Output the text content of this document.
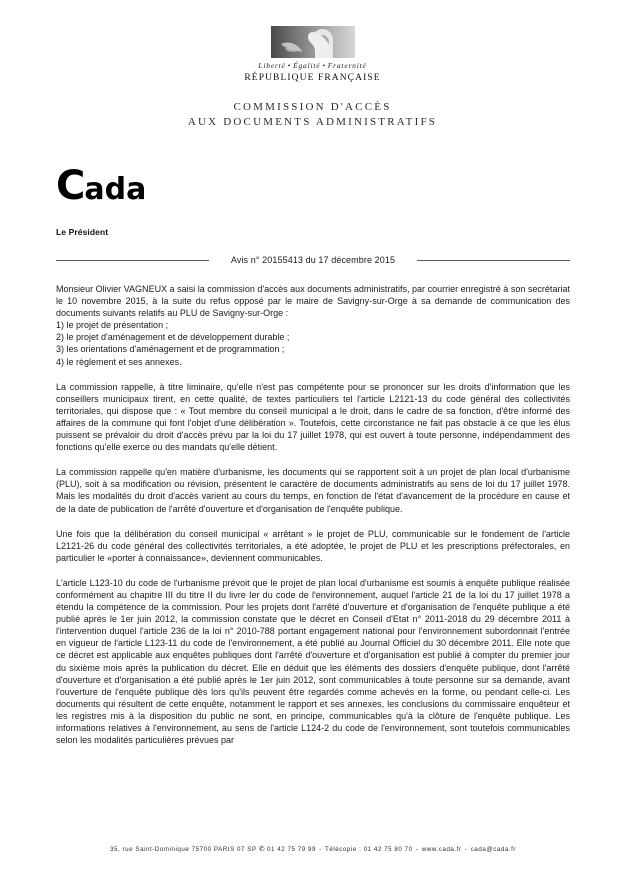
Liberté • Égalité • Fraternité
RÉPUBLIQUE FRANÇAISE
COMMISSION D'ACCÈS
AUX DOCUMENTS ADMINISTRATIFS
Cada
Le Président
Avis n° 20155413 du 17 décembre 2015

Monsieur Olivier VAGNEUX a saisi la commission d'accès aux documents administratifs, par courrier enregistré à son secrétariat le 10 novembre 2015, à la suite du refus opposé par le maire de Savigny-sur-Orge à sa demande de communication des documents suivants relatifs au PLU de Savigny-sur-Orge :

1) le projet de présentation ;
2) le projet d'aménagement et de développement durable ;
3) les orientations d'aménagement et de programmation ;
4) le règlement et ses annexes.

La commission rappelle, à titre liminaire, qu'elle n'est pas compétente pour se prononcer sur les droits d'information que les conseillers municipaux tirent, en cette qualité, de textes particuliers tel l'article L2121-13 du code général des collectivités territoriales, qui dispose que : « Tout membre du conseil municipal a le droit, dans le cadre de sa fonction, d'être informé des affaires de la commune qui font l'objet d'une délibération ». Toutefois, cette circonstance ne fait pas obstacle à ce que les élus puissent se prévaloir du droit d'accès prévu par la loi du 17 juillet 1978, qui est ouvert à toute personne, indépendamment des fonctions qu'elle exerce ou des mandats qu'elle détient.

La commission rappelle qu'en matière d'urbanisme, les documents qui se rapportent soit à un projet de plan local d'urbanisme (PLU), soit à sa modification ou révision, présentent le caractère de documents administratifs au sens de loi du 17 juillet 1978. Mais les modalités du droit d'accès varient au cours du temps, en fonction de l'état d'avancement de la procédure en cause et de la date de publication de l'arrêté d'ouverture et d'organisation de l'enquête publique.

Une fois que la délibération du conseil municipal « arrêtant » le projet de PLU, communicable sur le fondement de l'article L2121-26 du code général des collectivités territoriales, a été adoptée, le projet de PLU et les prescriptions préfectorales, en particulier le «porter à connaissance», deviennent communicables.

L'article L123-10 du code de l'urbanisme prévoit que le projet de plan local d'urbanisme est soumis à enquête publique réalisée conformément au chapitre III du titre II du livre Ier du code de l'environnement, auquel l'article 21 de la loi du 17 juillet 1978 a étendu la compétence de la commission. Pour les projets dont l'arrêté d'ouverture et d'organisation de l'enquête publique a été publié après le 1er juin 2012, la commission constate que le décret en Conseil d'Etat n° 2011-2018 du 29 décembre 2011 à l'intervention duquel l'article 236 de la loi n° 2010-788 portant engagement national pour l'environnement subordonnait l'entrée en vigueur de l'article L123-11 du code de l'environnement, a été publié au Journal Officiel du 30 décembre 2011. Elle note que ce décret est applicable aux enquêtes publiques dont l'arrêté d'ouverture et d'organisation est publié à compter du premier jour du sixième mois après la publication du décret. Elle en déduit que les éléments des dossiers d'enquête publique, dont l'arrêté d'ouverture et d'organisation a été publié après le 1er juin 2012, sont communicables à toute personne sur sa demande, avant l'ouverture de l'enquête publique dès lors qu'ils peuvent être regardés comme achevés en la forme, ou pendant celle-ci. Les documents qui résultent de cette enquête, notamment le rapport et ses annexes, les conclusions du commissaire enquêteur et les registres mis à la disposition du public ne sont, en principe, communicables qu'à la clôture de l'enquête publique. Les informations relatives à l'environnement, au sens de l'article L124-2 du code de l'environnement, sont toutefois communicables selon les modalités particulières prévues par

35, rue Saint-Dominique 75700 PARIS 07 SP ✆ 01 42 75 79 99 - Télécopie : 01 42 75 80 70 - www.cada.fr - cada@cada.fr
